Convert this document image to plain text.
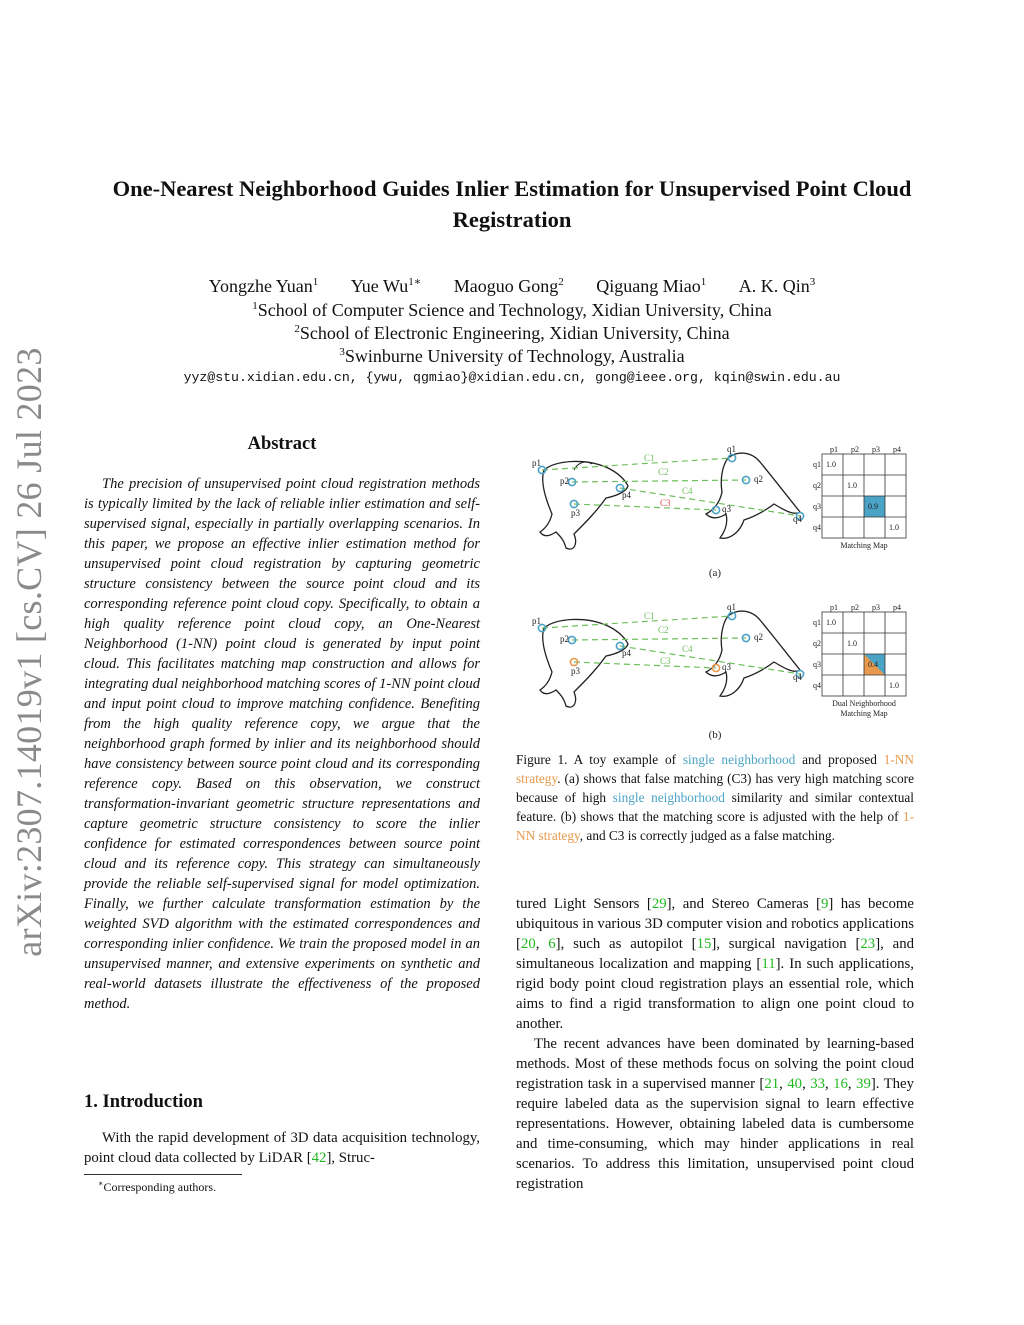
arXiv:2307.14019v1 [cs.CV] 26 Jul 2023
One-Nearest Neighborhood Guides Inlier Estimation for Unsupervised Point Cloud Registration
Yongzhe Yuan$^1$ Yue $Wu^{1∗}$ Maoguo Gong$^2$ Qiguang Miao$^1$ A. K. Qin$^3$
$^1$School of Computer Science and Technology, Xidian University, China
$^2$School of Electronic Engineering, Xidian University, China
$^3$Swinburne University of Technology, Australia
yyz@stu.xidian.edu.cn, {ywu, qgmiao}@xidian.edu.cn, gong@ieee.org, kqin@swin.edu.au
Abstract
The precision of unsupervised point cloud registration methods is typically limited by the lack of reliable inlier estimation and self-supervised signal, especially in partially overlapping scenarios. In this paper, we propose an effective inlier estimation method for unsupervised point cloud registration by capturing geometric structure consistency between the source point cloud and its corresponding reference point cloud copy. Specifically, to obtain a high quality reference point cloud copy, an One-Nearest Neighborhood (1-NN) point cloud is generated by input point cloud. This facilitates matching map construction and allows for integrating dual neighborhood matching scores of 1-NN point cloud and input point cloud to improve matching confidence. Benefiting from the high quality reference copy, we argue that the neighborhood graph formed by inlier and its neighborhood should have consistency between source point cloud and its corresponding reference copy. Based on this observation, we construct transformation-invariant geometric structure representations and capture geometric structure consistency to score the inlier confidence for estimated correspondences between source point cloud and its reference copy. This strategy can simultaneously provide the reliable self-supervised signal for model optimization. Finally, we further calculate transformation estimation by the weighted SVD algorithm with the estimated correspondences and corresponding inlier confidence. We train the proposed model in an unsupervised manner, and extensive experiments on synthetic and real-world datasets illustrate the effectiveness of the proposed method.
1. Introduction
With the rapid development of 3D data acquisition technology, point cloud data collected by LiDAR [42], Struc-
∗Corresponding authors.
p1
p2
p4
p3
q1
q2
q3
q4
C1
C2
C4
C3
p1 p2 p3 p4
q1
q2
q3
q4
1.0
1.0
0.9
1.0
Matching Map
(a)
p1
p2
p4
p3
q1
q2
q3
q4
C1
C2
C4
C3
p1 p2 p3 p4
q1
q2
q3
q4
1.0
1.0
0.4
1.0
Dual Neighborhood
Matching Map
(b)
Figure 1. A toy example of single neighborhood and proposed 1-NN strategy. (a) shows that false matching (C3) has very high matching score because of high single neighborhood similarity and similar contextual feature. (b) shows that the matching score is adjusted with the help of 1-NN strategy, and C3 is correctly judged as a false matching.

tured Light Sensors [29], and Stereo Cameras [9] has become ubiquitous in various 3D computer vision and robotics applications [20, 6], such as autopilot [15], surgical navigation [23], and simultaneous localization and mapping [11]. In such applications, rigid body point cloud registration plays an essential role, which aims to find a rigid transformation to align one point cloud to another.

The recent advances have been dominated by learning-based methods. Most of these methods focus on solving the point cloud registration task in a supervised manner [21, 40, 33, 16, 39]. They require labeled data as the supervision signal to learn effective representations. However, obtaining labeled data is cumbersome and time-consuming, which may hinder applications in real scenarios. To address this limitation, unsupervised point cloud registration
